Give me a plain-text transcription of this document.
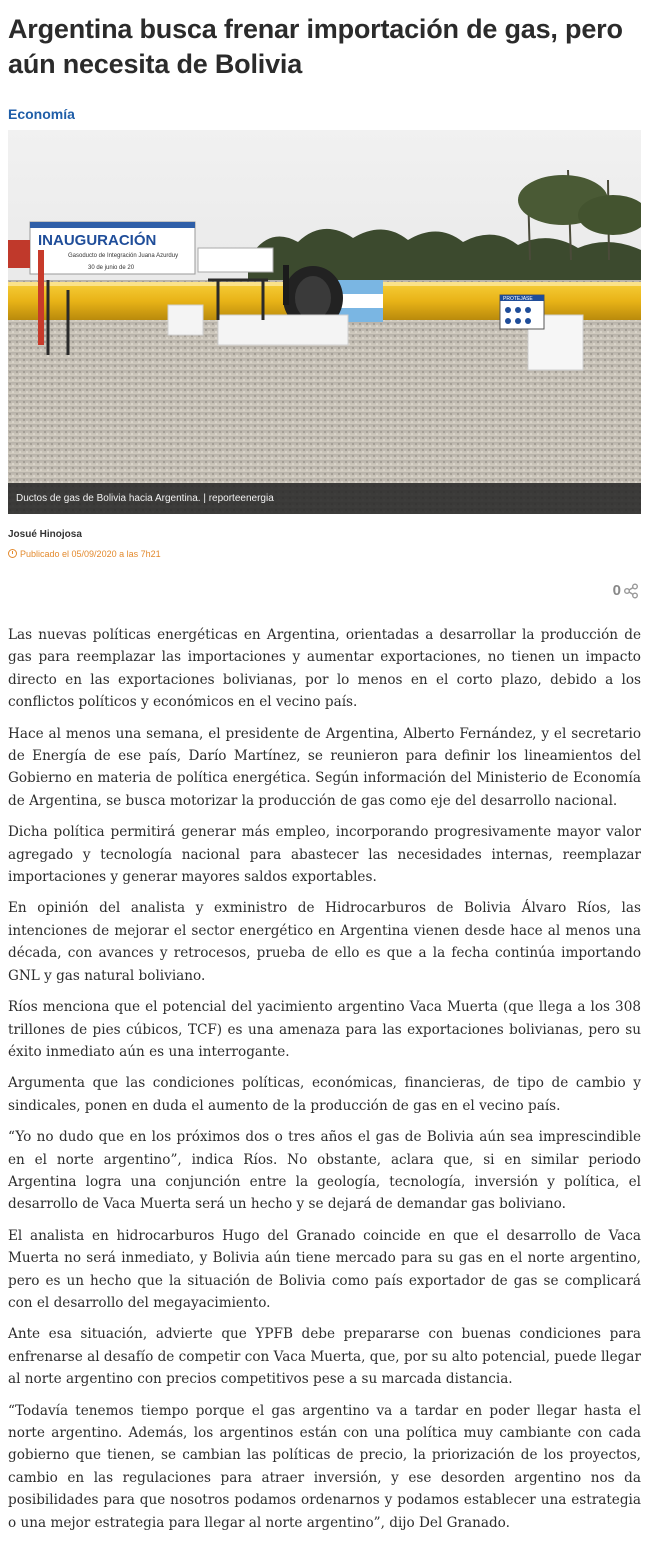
Argentina busca frenar importación de gas, pero aún necesita de Bolivia
Economía
INAUGURACIÓN
Gasoducto de Integración Juana Azurduy
30 de junio de 20
PROTEJASE
Ductos de gas de Bolivia hacia Argentina. | reporteenergia
Josué Hinojosa
Publicado el 05/09/2020 a las 7h21
0

Las nuevas políticas energéticas en Argentina, orientadas a desarrollar la producción de gas para reemplazar las importaciones y aumentar exportaciones, no tienen un impacto directo en las exportaciones bolivianas, por lo menos en el corto plazo, debido a los conflictos políticos y económicos en el vecino país.

Hace al menos una semana, el presidente de Argentina, Alberto Fernández, y el secretario de Energía de ese país, Darío Martínez, se reunieron para definir los lineamientos del Gobierno en materia de política energética. Según información del Ministerio de Economía de Argentina, se busca motorizar la producción de gas como eje del desarrollo nacional.

Dicha política permitirá generar más empleo, incorporando progresivamente mayor valor agregado y tecnología nacional para abastecer las necesidades internas, reemplazar importaciones y generar mayores saldos exportables.

En opinión del analista y exministro de Hidrocarburos de Bolivia Álvaro Ríos, las intenciones de mejorar el sector energético en Argentina vienen desde hace al menos una década, con avances y retrocesos, prueba de ello es que a la fecha continúa importando GNL y gas natural boliviano.

Ríos menciona que el potencial del yacimiento argentino Vaca Muerta (que llega a los 308 trillones de pies cúbicos, TCF) es una amenaza para las exportaciones bolivianas, pero su éxito inmediato aún es una interrogante.

Argumenta que las condiciones políticas, económicas, financieras, de tipo de cambio y sindicales, ponen en duda el aumento de la producción de gas en el vecino país.

“Yo no dudo que en los próximos dos o tres años el gas de Bolivia aún sea imprescindible en el norte argentino”, indica Ríos. No obstante, aclara que, si en similar periodo Argentina logra una conjunción entre la geología, tecnología, inversión y política, el desarrollo de Vaca Muerta será un hecho y se dejará de demandar gas boliviano.

El analista en hidrocarburos Hugo del Granado coincide en que el desarrollo de Vaca Muerta no será inmediato, y Bolivia aún tiene mercado para su gas en el norte argentino, pero es un hecho que la situación de Bolivia como país exportador de gas se complicará con el desarrollo del megayacimiento.

Ante esa situación, advierte que YPFB debe prepararse con buenas condiciones para enfrenarse al desafío de competir con Vaca Muerta, que, por su alto potencial, puede llegar al norte argentino con precios competitivos pese a su marcada distancia.

“Todavía tenemos tiempo porque el gas argentino va a tardar en poder llegar hasta el norte argentino. Además, los argentinos están con una política muy cambiante con cada gobierno que tienen, se cambian las políticas de precio, la priorización de los proyectos, cambio en las regulaciones para atraer inversión, y ese desorden argentino nos da posibilidades para que nosotros podamos ordenarnos y podamos establecer una estrategia o una mejor estrategia para llegar al norte argentino”, dijo Del Granado.
